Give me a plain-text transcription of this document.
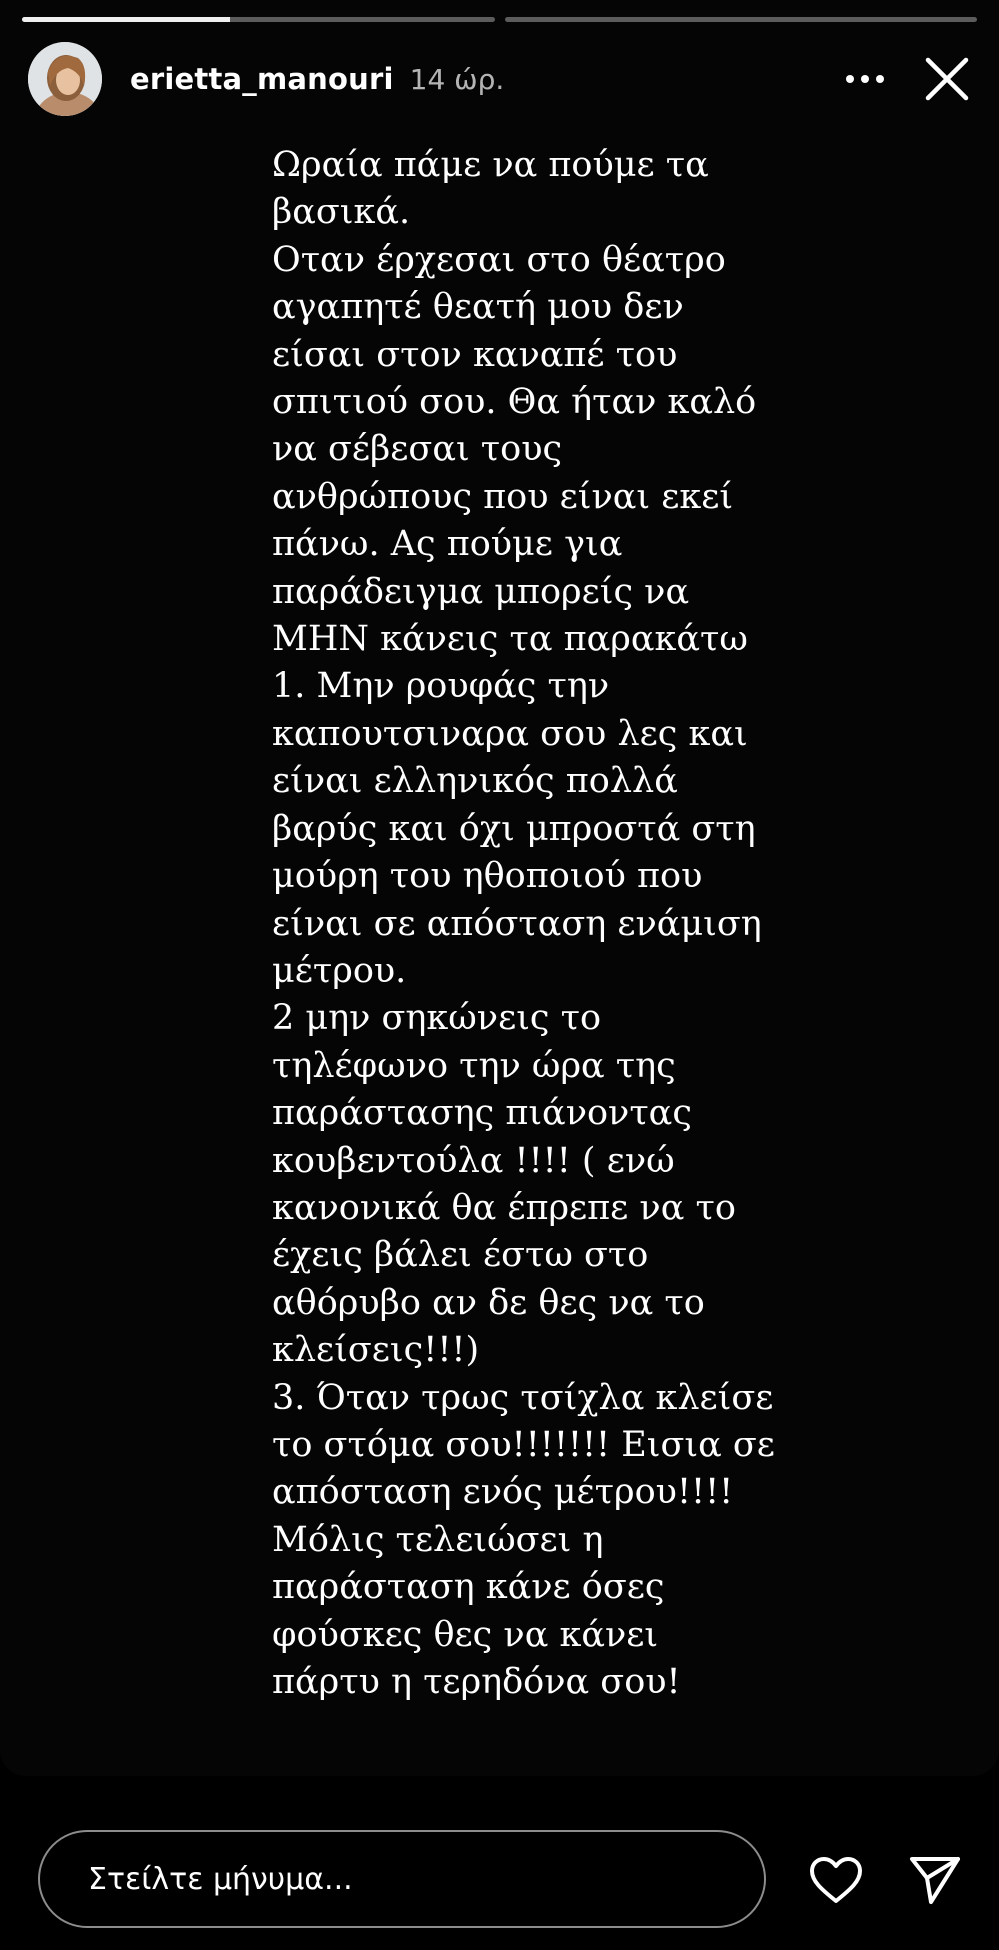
erietta_manouri 14 ώρ.
Ωραία πάμε να πούμε τα
βασικά.
Οταν έρχεσαι στο θέατρο
αγαπητέ θεατή μου δεν
είσαι στον καναπέ του
σπιτιού σου. Θα ήταν καλό
να σέβεσαι τους
ανθρώπους που είναι εκεί
πάνω. Ας πούμε για
παράδειγμα μπορείς να
ΜΗΝ κάνεις τα παρακάτω
1. Μην ρουφάς την
καπουτσιναρα σου λες και
είναι ελληνικός πολλά
βαρύς και όχι μπροστά στη
μούρη του ηθοποιού που
είναι σε απόσταση ενάμιση
μέτρου.
2 μην σηκώνεις το
τηλέφωνο την ώρα της
παράστασης πιάνοντας
κουβεντούλα !!!! ( ενώ
κανονικά θα έπρεπε να το
έχεις βάλει έστω στο
αθόρυβο αν δε θες να το
κλείσεις!!!)
3. Όταν τρως τσίχλα κλείσε
το στόμα σου!!!!!!! Εισια σε
απόσταση ενός μέτρου!!!!
Μόλις τελειώσει η
παράσταση κάνε όσες
φούσκες θες να κάνει
πάρτυ η τερηδόνα σου!
Στείλτε μήνυμα...
